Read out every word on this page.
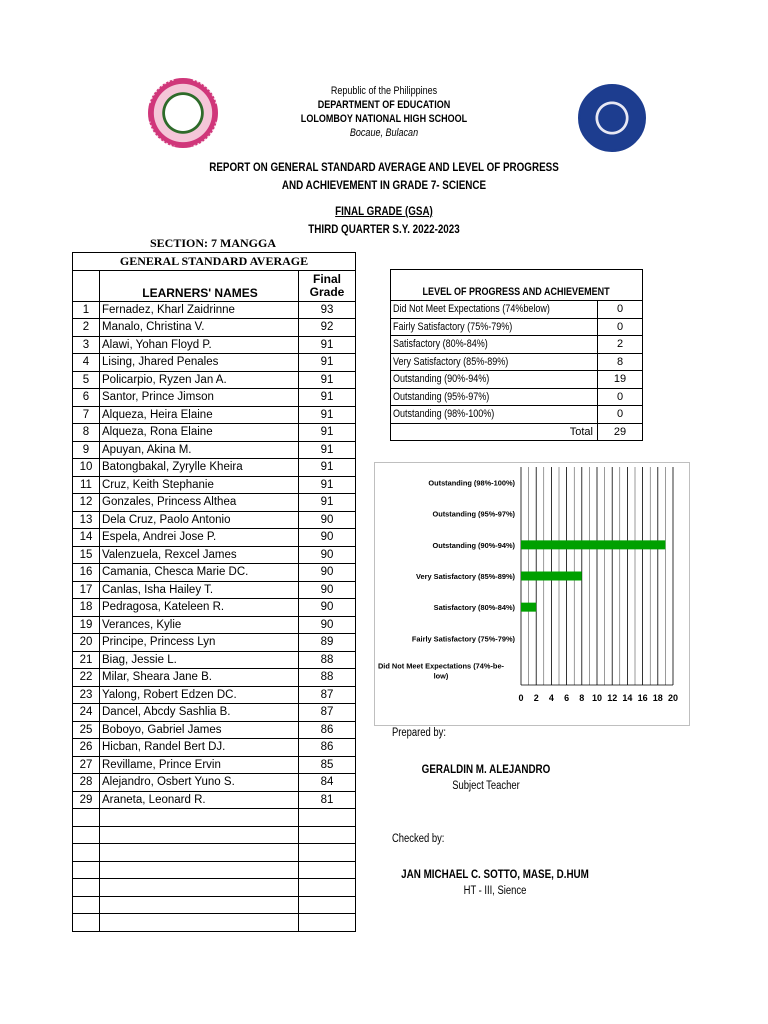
Republic of the Philippines
DEPARTMENT OF EDUCATION
LOLOMBOY NATIONAL HIGH SCHOOL
Bocaue, Bulacan
REPORT ON GENERAL STANDARD AVERAGE AND LEVEL OF PROGRESS
AND ACHIEVEMENT IN GRADE 7- SCIENCE
FINAL GRADE (GSA)
THIRD QUARTER S.Y. 2022-2023
SECTION: 7 MANGGA
GENERAL STANDARD AVERAGE		
	LEARNERS' NAMES	Final
Grade
1	Fernadez, Kharl Zaidrinne	93
2	Manalo, Christina V.	92
3	Alawi, Yohan Floyd P.	91
4	Lising, Jhared Penales	91
5	Policarpio, Ryzen Jan A.	91
6	Santor, Prince Jimson	91
7	Alqueza, Heira Elaine	91
8	Alqueza, Rona Elaine	91
9	Apuyan, Akina M.	91
10	Batongbakal, Zyrylle Kheira	91
11	Cruz, Keith Stephanie	91
12	Gonzales, Princess Althea	91
13	Dela Cruz, Paolo Antonio	90
14	Espela, Andrei Jose P.	90
15	Valenzuela, Rexcel James	90
16	Camania, Chesca Marie DC.	90
17	Canlas, Isha Hailey T.	90
18	Pedragosa, Kateleen R.	90
19	Verances, Kylie	90
20	Principe, Princess Lyn	89
21	Biag, Jessie L.	88
22	Milar, Sheara Jane B.	88
23	Yalong, Robert Edzen DC.	87
24	Dancel, Abcdy Sashlia B.	87
25	Boboyo, Gabriel James	86
26	Hicban, Randel Bert DJ.	86
27	Revillame, Prince Ervin	85
28	Alejandro, Osbert Yuno S.	84
29	Araneta, Leonard R.	81

LEVEL OF PROGRESS AND ACHIEVEMENT	
Did Not Meet Expectations (74%below)	0
Fairly Satisfactory (75%-79%)	0
Satisfactory (80%-84%)	2
Very Satisfactory (85%-89%)	8
Outstanding (90%-94%)	19
Outstanding (95%-97%)	0
Outstanding (98%-100%)	0
Total	29
0 2 4 6 8 10 12 14 16 18 20
Outstanding (98%-100%)
Outstanding (95%-97%)
Outstanding (90%-94%)
Very Satisfactory (85%-89%)
Satisfactory (80%-84%)
Fairly Satisfactory (75%-79%)
Did Not Meet Expectations (74%-be-low)
Prepared by:
GERALDIN M. ALEJANDRO
Subject Teacher
Checked by:
JAN MICHAEL C. SOTTO, MASE, D.HUM
HT - III, Sience
